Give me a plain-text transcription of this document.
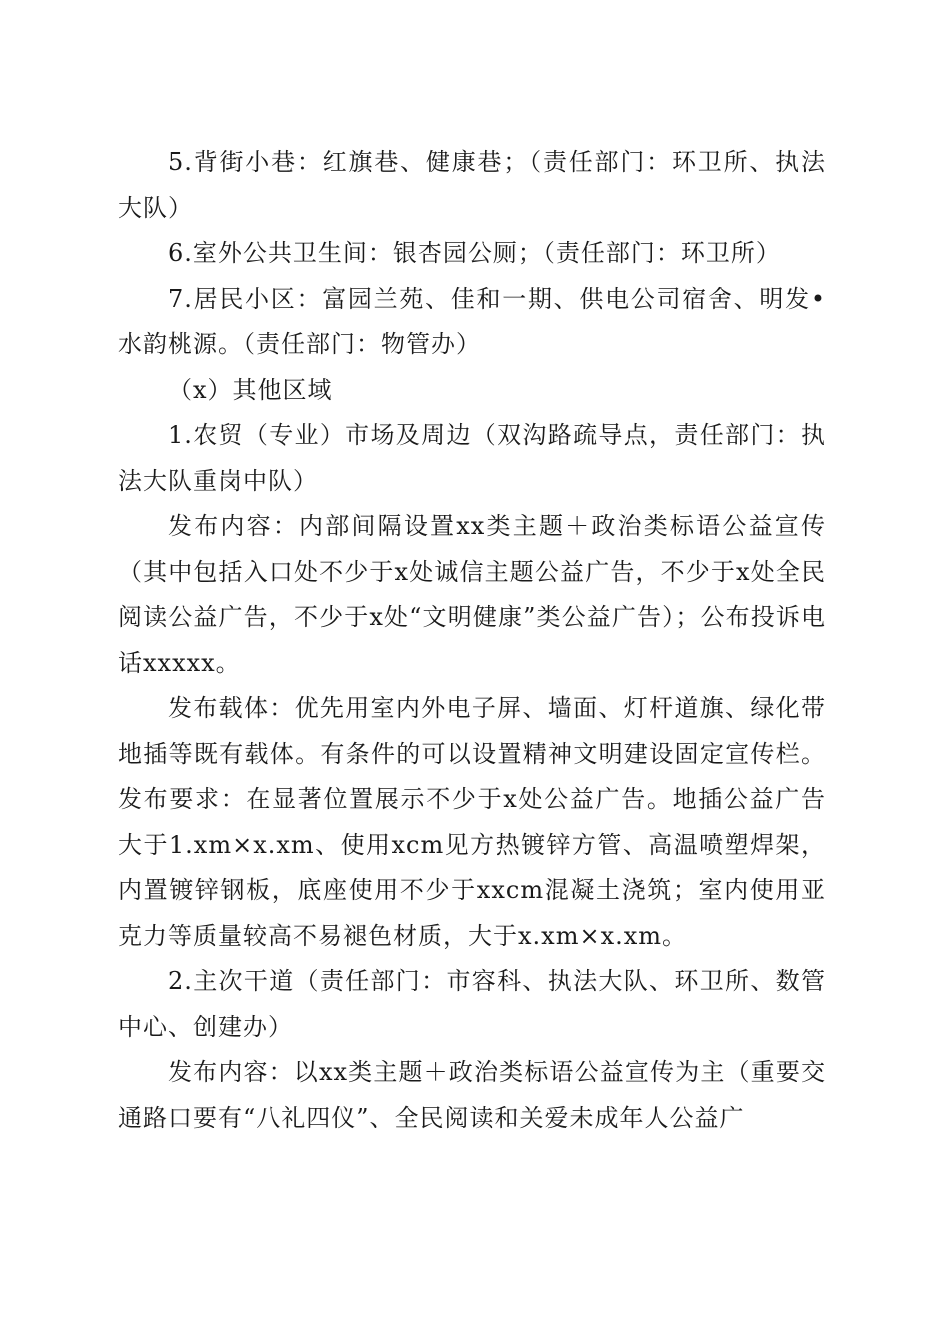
5.背街小巷：红旗巷、健康巷；（责任部门：环卫所、执法大队）

6.室外公共卫生间：银杏园公厕；（责任部门：环卫所）

7.居民小区：富园兰苑、佳和一期、供电公司宿舍、明发•水韵桃源。（责任部门：物管办）

（x）其他区域

1.农贸（专业）市场及周边（双沟路疏导点，责任部门：执法大队重岗中队）

发布内容：内部间隔设置xx类主题＋政治类标语公益宣传（其中包括入口处不少于x处诚信主题公益广告，不少于x处全民阅读公益广告，不少于x处“文明健康”类公益广告）；公布投诉电话xxxxx。

发布载体：优先用室内外电子屏、墙面、灯杆道旗、绿化带地插等既有载体。有条件的可以设置精神文明建设固定宣传栏。发布要求：在显著位置展示不少于x处公益广告。地插公益广告大于1.xm×x.xm、使用xcm见方热镀锌方管、高温喷塑焊架，内置镀锌钢板，底座使用不少于xxcm混凝土浇筑；室内使用亚克力等质量较高不易褪色材质，大于x.xm×x.xm。

2.主次干道（责任部门：市容科、执法大队、环卫所、数管中心、创建办）

发布内容：以xx类主题＋政治类标语公益宣传为主（重要交通路口要有“八礼四仪”、全民阅读和关爱未成年人公益广
